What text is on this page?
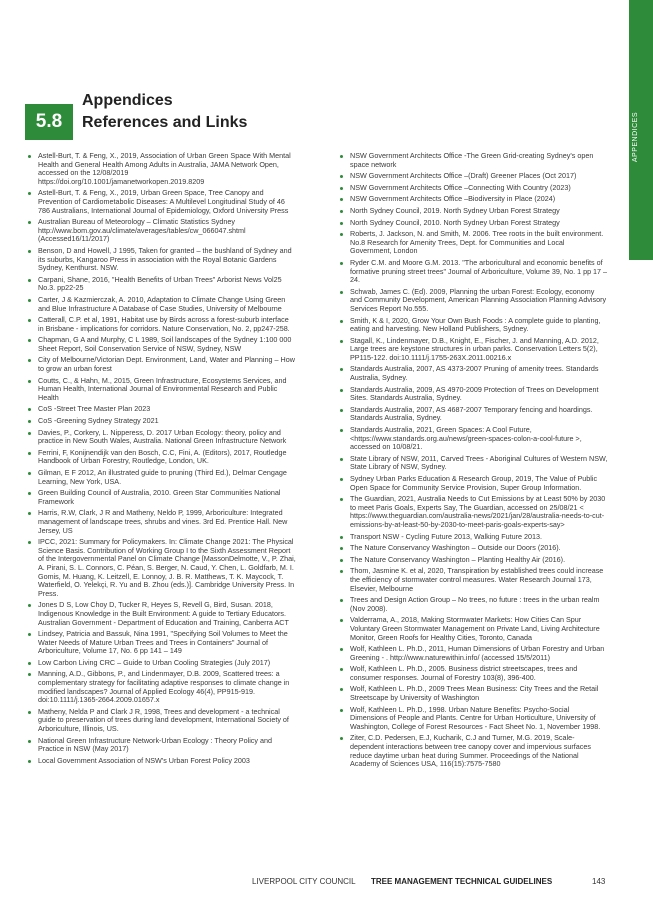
APPENDICES
5.8
Appendices
References and Links
Astell-Burt, T. & Feng, X., 2019, Association of Urban Green Space With Mental Health and General Health Among Adults in Australia, JAMA Network Open, accessed on the 12/08/2019 https://doi.org/10.1001/jamanetworkopen.2019.8209
Astell-Burt, T. & Feng, X., 2019, Urban Green Space, Tree Canopy and Prevention of Cardiometabolic Diseases: A Multilevel Longitudinal Study of 46 786 Australians, International Journal of Epidemiology, Oxford University Press
Australian Bureau of Meteorology – Climatic Statistics Sydney http://www.bom.gov.au/climate/averages/tables/cw_066047.shtml (Accessed16/11/2017)
Benson, D and Howell, J 1995, Taken for granted – the bushland of Sydney and its suburbs, Kangaroo Press in association with the Royal Botanic Gardens Sydney, Kenthurst. NSW.
Carpani, Shane, 2016, "Health Benefits of Urban Trees" Arborist News Vol25 No.3. pp22-25
Carter, J & Kazmierczak, A. 2010, Adaptation to Climate Change Using Green and Blue Infrastructure A Database of Case Studies, University of Melbourne
Catterall, C.P. et al, 1991, Habitat use by Birds across a forest-suburb interface in Brisbane - implications for corridors. Nature Conservation, No. 2, pp247-258.
Chapman, G A and Murphy, C L 1989, Soil landscapes of the Sydney 1:100 000 Sheet Report, Soil Conservation Service of NSW, Sydney, NSW
City of Melbourne/Victorian Dept. Environment, Land, Water and Planning – How to grow an urban forest
Coutts, C., & Hahn, M., 2015, Green Infrastructure, Ecosystems Services, and Human Health, International Journal of Environmental Research and Public Health
CoS -Street Tree Master Plan 2023
CoS -Greening Sydney Strategy 2021
Davies, P., Corkery, L. Nipperess, D. 2017 Urban Ecology: theory, policy and practice in New South Wales, Australia. National Green Infrastructure Network
Ferrini, F, Konijnendijk van den Bosch, C.C, Fini, A. (Editors), 2017, Routledge Handbook of Urban Forestry, Routledge, London, UK.
Gilman, E F 2012, An illustrated guide to pruning (Third Ed.), Delmar Cengage Learning, New York, USA.
Green Building Council of Australia, 2010. Green Star Communities National Framework
Harris, R.W, Clark, J R and Matheny, Neldo P, 1999, Arboriculture: Integrated management of landscape trees, shrubs and vines. 3rd Ed. Prentice Hall. New Jersey, US
IPCC, 2021: Summary for Policymakers. In: Climate Change 2021: The Physical Science Basis. Contribution of Working Group I to the Sixth Assessment Report of the Intergovernmental Panel on Climate Change [MassonDelmotte, V., P. Zhai, A. Pirani, S. L. Connors, C. Péan, S. Berger, N. Caud, Y. Chen, L. Goldfarb, M. I. Gomis, M. Huang, K. Leitzell, E. Lonnoy, J. B. R. Matthews, T. K. Maycock, T. Waterfield, O. Yelekçi, R. Yu and B. Zhou (eds.)]. Cambridge University Press. In Press.
Jones D S, Low Choy D, Tucker R, Heyes S, Revell G, Bird, Susan. 2018, Indigenous Knowledge in the Built Environment: A guide to Tertiary Educators. Australian Government - Department of Education and Training, Canberra ACT
Lindsey, Patricia and Bassuk, Nina 1991, "Specifying Soil Volumes to Meet the Water Needs of Mature Urban Trees and Trees in Containers" Journal of Arboriculture, Volume 17, No. 6 pp 141 – 149
Low Carbon Living CRC – Guide to Urban Cooling Strategies (July 2017)
Manning, A.D., Gibbons, P., and Lindenmayer, D.B. 2009, Scattered trees: a complementary strategy for facilitating adaptive responses to climate change in modified landscapes? Journal of Applied Ecology 46(4), PP915-919. doi:10.1111/j.1365-2664.2009.01657.x
Matheny, Nelda P and Clark J R, 1998, Trees and development - a technical guide to preservation of trees during land development, International Society of Arboriculture, Illinois, US.
National Green Infrastructure Network-Urban Ecology : Theory Policy and Practice in NSW (May 2017)
Local Government Association of NSW's Urban Forest Policy 2003
NSW Government Architects Office -The Green Grid-creating Sydney's open space network
NSW Government Architects Office –(Draft) Greener Places (Oct 2017)
NSW Government Architects Office –Connecting With Country (2023)
NSW Government Architects Office –Biodiversity in Place (2024)
North Sydney Council, 2019. North Sydney Urban Forest Strategy
North Sydney Council, 2010. North Sydney Urban Forest Strategy
Roberts, J. Jackson, N. and Smith, M. 2006. Tree roots in the built environment. No.8 Research for Amenity Trees, Dept. for Communities and Local Government, London
Ryder C.M. and Moore G.M. 2013. "The arboricultural and economic benefits of formative pruning street trees" Journal of Arboriculture, Volume 39, No. 1 pp 17 – 24.
Schwab, James C. (Ed). 2009, Planning the urban Forest: Ecology, economy and Community Development, American Planning Association Planning Advisory Services Report No.555.
Smith, K & I, 2020, Grow Your Own Bush Foods : A complete guide to planting, eating and harvesting. New Holland Publishers, Sydney.
Stagall, K., Lindenmayer, D.B., Knight, E., Fischer, J. and Manning, A.D. 2012, Large trees are keystone structures in urban parks. Conservation Letters 5(2), PP115-122. doi:10.1111/j.1755-263X.2011.00216.x
Standards Australia, 2007, AS 4373-2007 Pruning of amenity trees. Standards Australia, Sydney.
Standards Australia, 2009, AS 4970-2009 Protection of Trees on Development Sites. Standards Australia, Sydney.
Standards Australia, 2007, AS 4687-2007 Temporary fencing and hoardings. Standards Australia, Sydney.
Standards Australia, 2021, Green Spaces: A Cool Future, <https://www.standards.org.au/news/green-spaces-colon-a-cool-future >, accessed on 10/08/21.
State Library of NSW, 2011, Carved Trees - Aboriginal Cultures of Western NSW, State Library of NSW, Sydney.
Sydney Urban Parks Education & Research Group, 2019, The Value of Public Open Space for Community Service Provision, Super Group Information.
The Guardian, 2021, Australia Needs to Cut Emissions by at Least 50% by 2030 to meet Paris Goals, Experts Say, The Guardian, accessed on 25/08/21 < https://www.theguardian.com/australia-news/2021/jan/28/australia-needs-to-cut-emissions-by-at-least-50-by-2030-to-meet-paris-goals-experts-say>
Transport NSW - Cycling Future 2013, Walking Future 2013.
The Nature Conservancy Washington – Outside our Doors (2016).
The Nature Conservancy Washington – Planting Healthy Air (2016).
Thom, Jasmine K. et al, 2020, Transpiration by established trees could increase the efficiency of stormwater control measures. Water Research Journal 173, Elsevier, Melbourne
Trees and Design Action Group – No trees, no future : trees in the urban realm (Nov 2008).
Valderrama, A., 2018, Making Stormwater Markets: How Cities Can Spur Voluntary Green Stormwater Management on Private Land, Living Architecture Monitor, Green Roofs for Healthy Cities, Toronto, Canada
Wolf, Kathleen L. Ph.D., 2011, Human Dimensions of Urban Forestry and Urban Greening - . http://www.naturewithin.info/ (accessed 15/5/2011)
Wolf, Kathleen L. Ph.D., 2005. Business district streetscapes, trees and consumer responses. Journal of Forestry 103(8), 396-400.
Wolf, Kathleen L. Ph.D., 2009 Trees Mean Business: City Trees and the Retail Streetscape by University of Washington
Wolf, Kathleen L. Ph.D., 1998. Urban Nature Benefits: Psycho-Social Dimensions of People and Plants. Centre for Urban Horticulture, University of Washington, College of Forest Resources - Fact Sheet No. 1, November 1998.
Ziter, C.D. Pedersen, E.J, Kucharik, C.J and Turner, M.G. 2019, Scale-dependent interactions between tree canopy cover and impervious surfaces reduce daytime urban heat during Summer. Proceedings of the National Academy of Sciences USA, 116(15):7575-7580
LIVERPOOL CITY COUNCIL TREE MANAGEMENT TECHNICAL GUIDELINES	143
